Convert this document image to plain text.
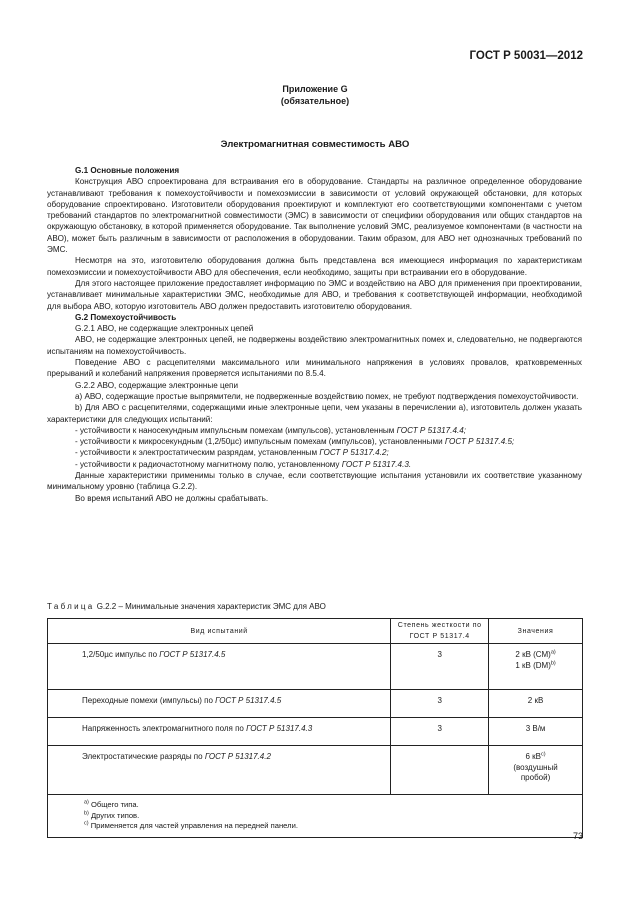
ГОСТ Р 50031—2012
Приложение G
(обязательное)
Электромагнитная совместимость АВО

G.1 Основные положения

Конструкция АВО спроектирована для встраивания его в оборудование. Стандарты на различное определенное оборудование устанавливают требования к помехоустойчивости и помехоэмиссии в зависимости от условий окружающей обстановки, для которых оборудование спроектировано. Изготовители оборудования проектируют и комплектуют его соответствующими компонентами с учетом требований стандартов по электромагнитной совместимости (ЭМС) в зависимости от специфики оборудования или общих стандартов на окружающую обстановку, в которой применяется оборудование. Так выполнение условий ЭМС, реализуемое компонентами (в частности на АВО), может быть различным в зависимости от расположения в оборудовании. Таким образом, для АВО нет однозначных требований по ЭМС.

Несмотря на это, изготовителю оборудования должна быть представлена вся имеющиеся информация по характеристикам помехоэмиссии и помехоустойчивости АВО для обеспечения, если необходимо, защиты при встраивании его в оборудование.

Для этого настоящее приложение предоставляет информацию по ЭМС и воздействию на АВО для применения при проектировании, устанавливает минимальные характеристики ЭМС, необходимые для АВО, и требования к соответствующей информации, необходимой для выбора АВО, которую изготовитель АВО должен предоставить изготовителю оборудования.

G.2 Помехоустойчивость

G.2.1 АВО, не содержащие электронных цепей

АВО, не содержащие электронных цепей, не подвержены воздействию электромагнитных помех и, следовательно, не подвергаются испытаниям на помехоустойчивость.

Поведение АВО с расцепителями максимального или минимального напряжения в условиях провалов, кратковременных прерываний и колебаний напряжения проверяется испытаниями по 8.5.4.

G.2.2 АВО, содержащие электронные цепи

a) АВО, содержащие простые выпрямители, не подверженные воздействию помех, не требуют подтверждения помехоустойчивости.

b) Для АВО с расцепителями, содержащими иные электронные цепи, чем указаны в перечислении a), изготовитель должен указать характеристики для следующих испытаний:

- устойчивости к наносекундным импульсным помехам (импульсов), установленным ГОСТ Р 51317.4.4;

- устойчивости к микросекундным (1,2/50µс) импульсным помехам (импульсов), установленными ГОСТ Р 51317.4.5;

- устойчивости к электростатическим разрядам, установленным ГОСТ Р 51317.4.2;

- устойчивости к радиочастотному магнитному полю, установленному ГОСТ Р 51317.4.3.

Данные характеристики применимы только в случае, если соответствующие испытания установили их соответствие указанному минимальному уровню (таблица G.2.2).

Во время испытаний АВО не должны срабатывать.

Таблица G.2.2 – Минимальные значения характеристик ЭМС для АВО
Вид испытаний	Степень жесткости по ГОСТ Р 51317.4	Значения
1,2/50µс импульс по ГОСТ Р 51317.4.5	3	2 кВ (СМ)$^{a)}$
1 кВ (DM)$^{b)}$

Переходные помехи (импульсы) по ГОСТ Р 51317.4.5	3	2 кВ
Напряженность электромагнитного поля по ГОСТ Р 51317.4.3	3	3 В/м
Электростатические разряды по ГОСТ Р 51317.4.2		6 $кВ^{c)}$
(воздушный
пробой)

$^{a)}$ Общего типа.
$^{b)}$ Других типов.
$^{c)}$ Применяется для частей управления на передней панели.		
73
